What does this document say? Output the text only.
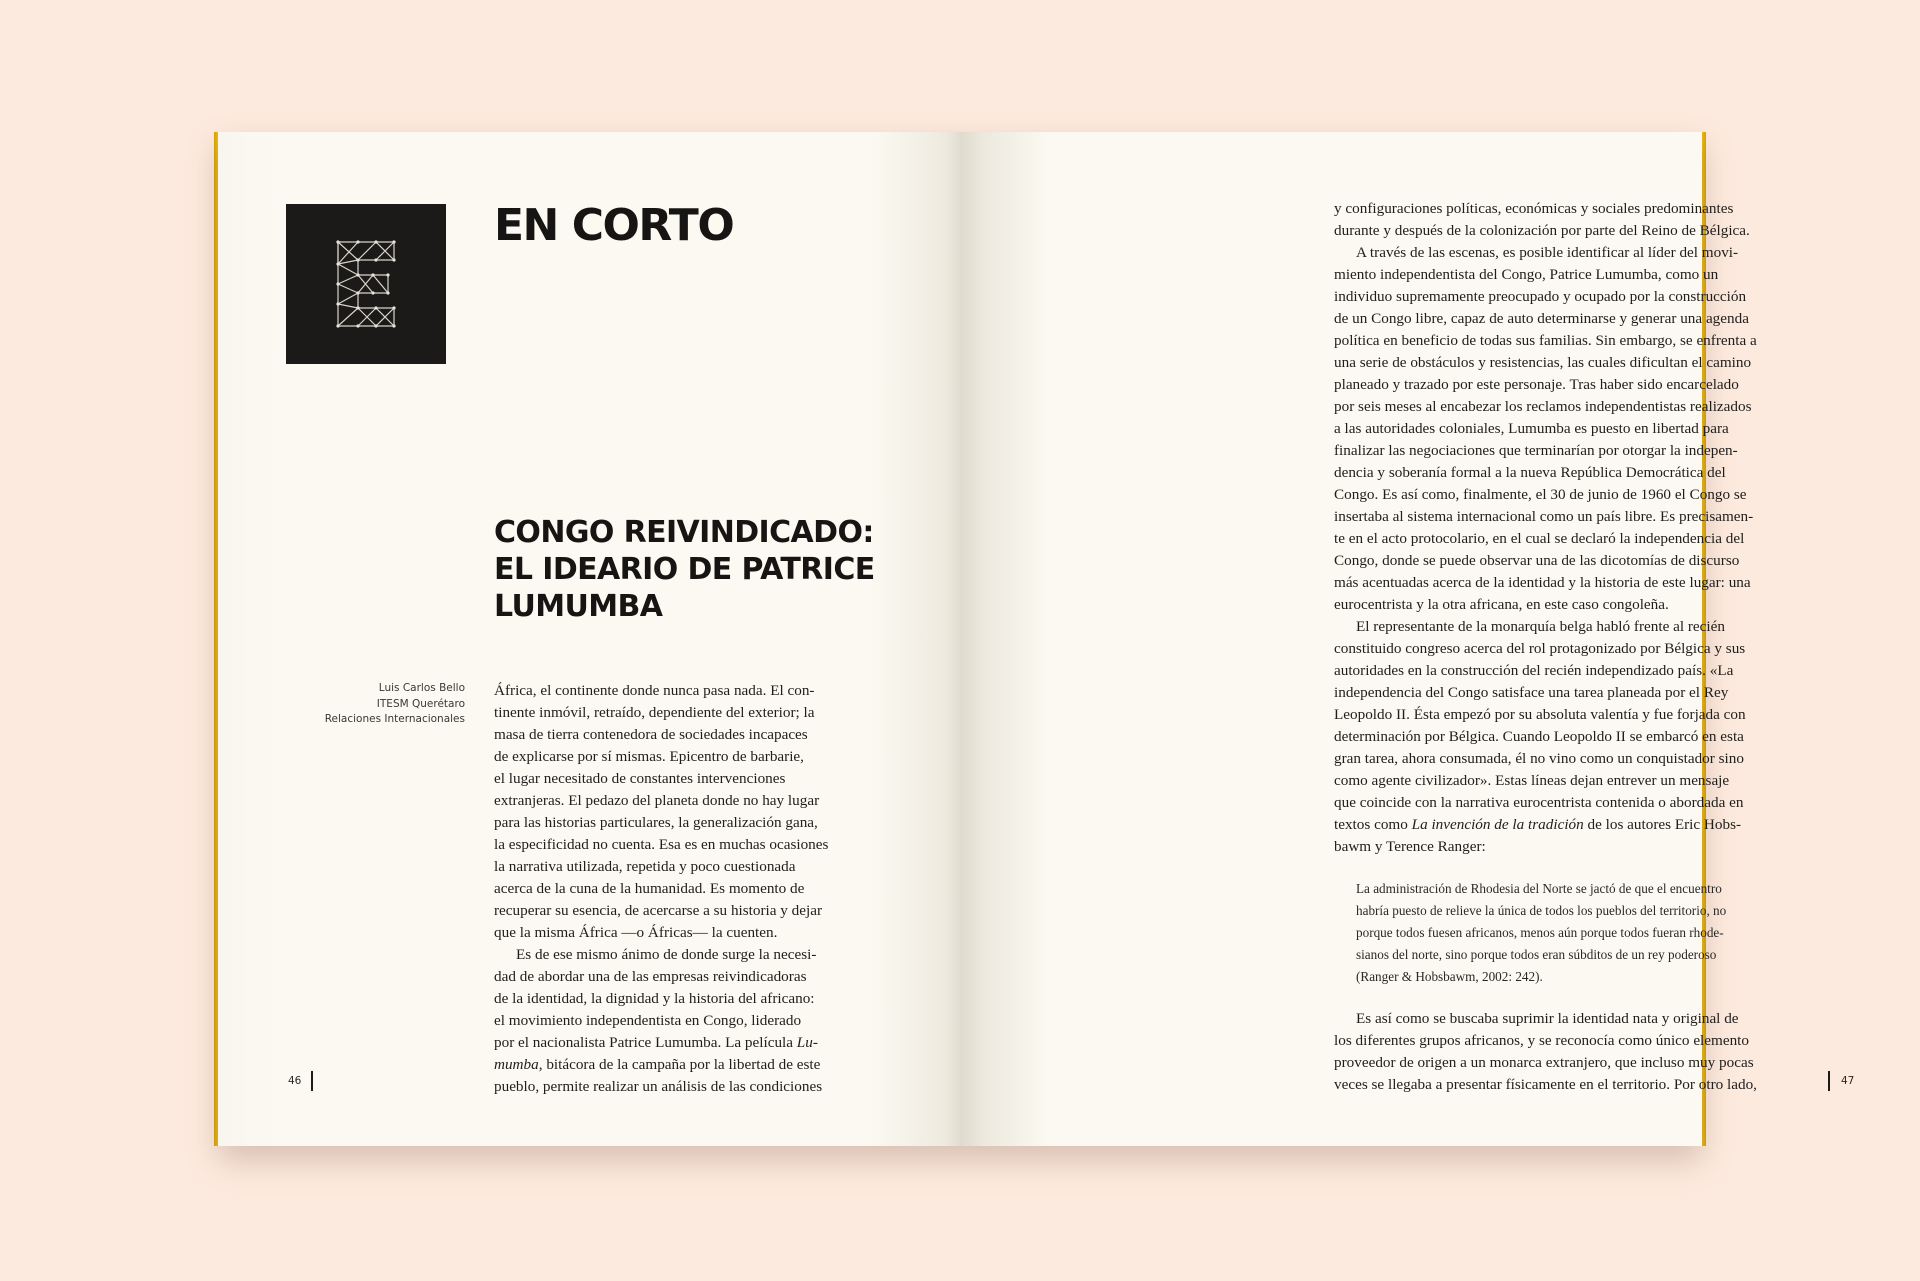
EN CORTO
CONGO REIVINDICADO:
EL IDEARIO DE PATRICE
LUMUMBA
Luis Carlos Bello
ITESM Querétaro
Relaciones Internacionales
África, el continente donde nunca pasa nada. El con-
tinente inmóvil, retraído, dependiente del exterior; la
masa de tierra contenedora de sociedades incapaces
de explicarse por sí mismas. Epicentro de barbarie,
el lugar necesitado de constantes intervenciones
extranjeras. El pedazo del planeta donde no hay lugar
para las historias particulares, la generalización gana,
la especificidad no cuenta. Esa es en muchas ocasiones
la narrativa utilizada, repetida y poco cuestionada
acerca de la cuna de la humanidad. Es momento de
recuperar su esencia, de acercarse a su historia y dejar
que la misma África —o Áfricas— la cuenten.
Es de ese mismo ánimo de donde surge la necesi-
dad de abordar una de las empresas reivindicadoras
de la identidad, la dignidad y la historia del africano:
el movimiento independentista en Congo, liderado
por el nacionalista Patrice Lumumba. La película Lu-
mumba, bitácora de la campaña por la libertad de este
pueblo, permite realizar un análisis de las condiciones
46
y configuraciones políticas, económicas y sociales predominantes
durante y después de la colonización por parte del Reino de Bélgica.
A través de las escenas, es posible identificar al líder del movi-
miento independentista del Congo, Patrice Lumumba, como un
individuo supremamente preocupado y ocupado por la construcción
de un Congo libre, capaz de auto determinarse y generar una agenda
política en beneficio de todas sus familias. Sin embargo, se enfrenta a
una serie de obstáculos y resistencias, las cuales dificultan el camino
planeado y trazado por este personaje. Tras haber sido encarcelado
por seis meses al encabezar los reclamos independentistas realizados
a las autoridades coloniales, Lumumba es puesto en libertad para
finalizar las negociaciones que terminarían por otorgar la indepen-
dencia y soberanía formal a la nueva República Democrática del
Congo. Es así como, finalmente, el 30 de junio de 1960 el Congo se
insertaba al sistema internacional como un país libre. Es precisamen-
te en el acto protocolario, en el cual se declaró la independencia del
Congo, donde se puede observar una de las dicotomías de discurso
más acentuadas acerca de la identidad y la historia de este lugar: una
eurocentrista y la otra africana, en este caso congoleña.
El representante de la monarquía belga habló frente al recién
constituido congreso acerca del rol protagonizado por Bélgica y sus
autoridades en la construcción del recién independizado país. «La
independencia del Congo satisface una tarea planeada por el Rey
Leopoldo II. Ésta empezó por su absoluta valentía y fue forjada con
determinación por Bélgica. Cuando Leopoldo II se embarcó en esta
gran tarea, ahora consumada, él no vino como un conquistador sino
como agente civilizador». Estas líneas dejan entrever un mensaje
que coincide con la narrativa eurocentrista contenida o abordada en
textos como La invención de la tradición de los autores Eric Hobs-
bawm y Terence Ranger:
La administración de Rhodesia del Norte se jactó de que el encuentro
habría puesto de relieve la única de todos los pueblos del territorio, no
porque todos fuesen africanos, menos aún porque todos fueran rhode-
sianos del norte, sino porque todos eran súbditos de un rey poderoso
(Ranger & Hobsbawm, 2002: 242).
Es así como se buscaba suprimir la identidad nata y original de
los diferentes grupos africanos, y se reconocía como único elemento
proveedor de origen a un monarca extranjero, que incluso muy pocas
veces se llegaba a presentar físicamente en el territorio. Por otro lado,	47
